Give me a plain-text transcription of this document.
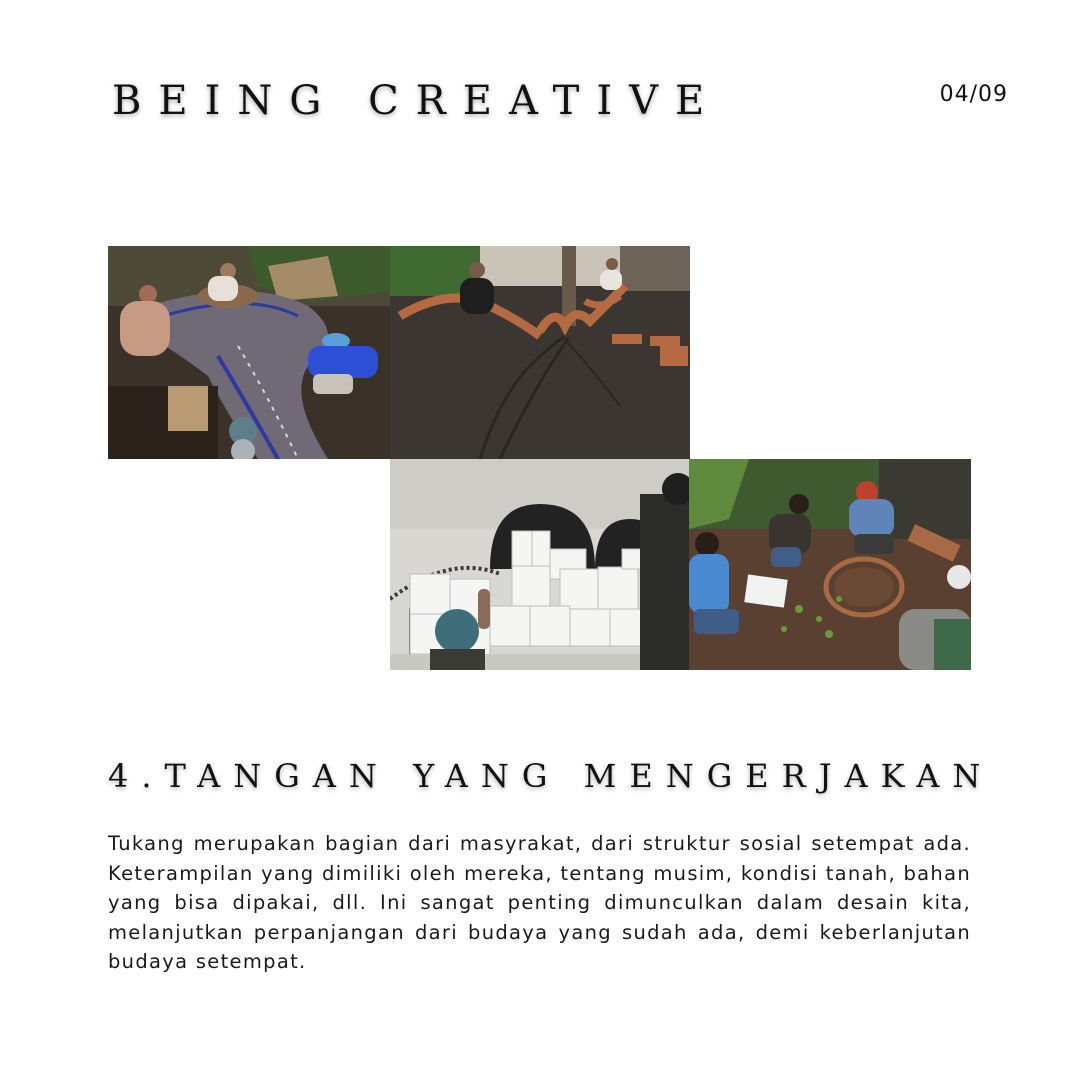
BEING CREATIVE	04/09
4.TANGAN YANG MENGERJAKAN

Tukang merupakan bagian dari masyrakat, dari struktur sosial setempat ada. Keterampilan yang dimiliki oleh mereka, tentang musim, kondisi tanah, bahan yang bisa dipakai, dll. Ini sangat penting dimunculkan dalam desain kita, melanjutkan perpanjangan dari budaya yang sudah ada, demi keberlanjutan budaya setempat.
